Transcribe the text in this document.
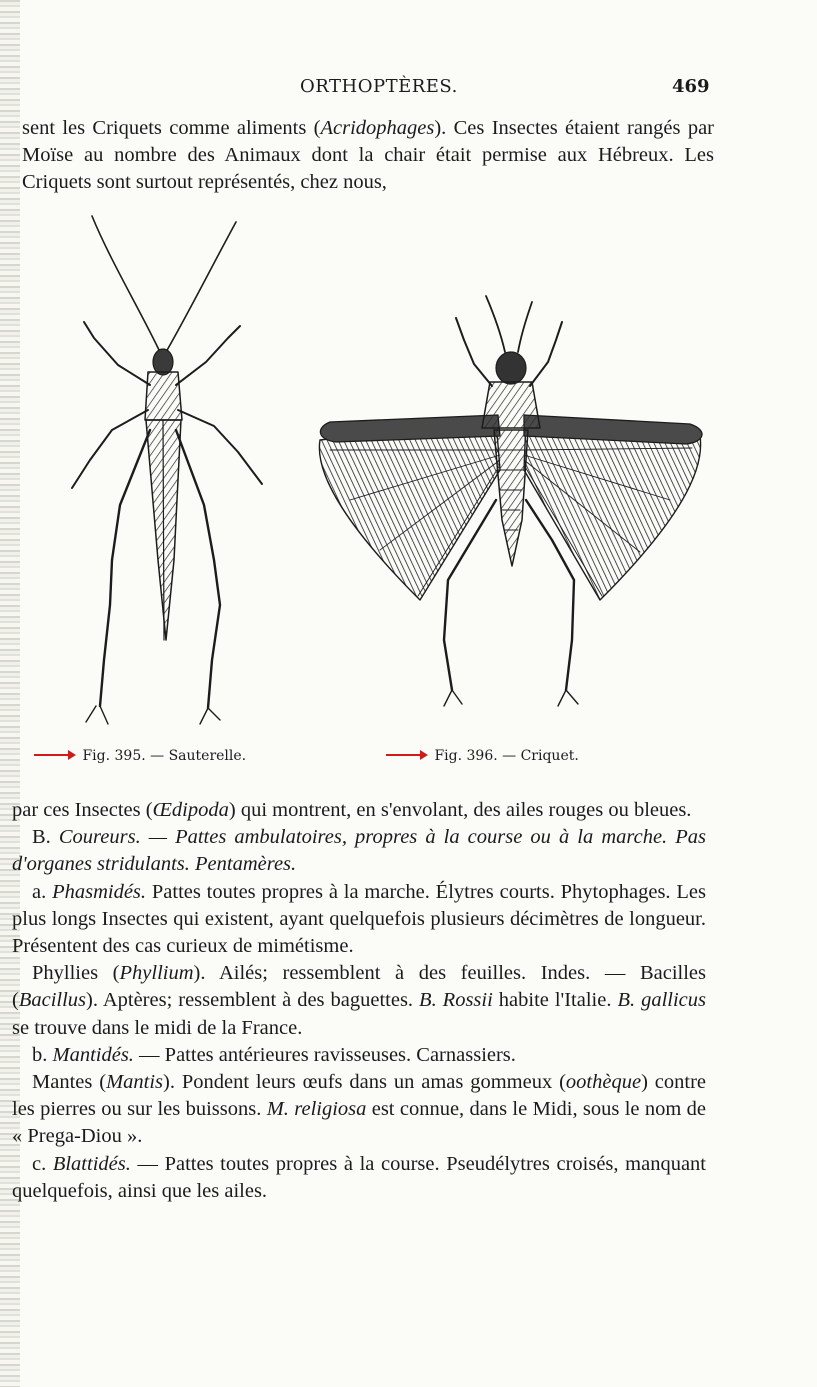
ORTHOPTÈRES.	469

sent les Criquets comme aliments (Acridophages). Ces Insectes étaient rangés par Moïse au nombre des Animaux dont la chair était permise aux Hébreux. Les Criquets sont surtout représentés, chez nous,

Fig. 395. — Sauterelle.	Fig. 396. — Criquet.

par ces Insectes (Œdipoda) qui montrent, en s'envolant, des ailes rouges ou bleues.
B. Coureurs. — Pattes ambulatoires, propres à la course ou à la marche. Pas d'organes stridulants. Pentamères.
a. Phasmidés. Pattes toutes propres à la marche. Élytres courts. Phytophages. Les plus longs Insectes qui existent, ayant quelquefois plusieurs décimètres de longueur. Présentent des cas curieux de mimétisme.
Phyllies (Phyllium). Ailés; ressemblent à des feuilles. Indes. — Bacilles (Bacillus). Aptères; ressemblent à des baguettes. B. Rossii habite l'Italie. B. gallicus se trouve dans le midi de la France.
b. Mantidés. — Pattes antérieures ravisseuses. Carnassiers.
Mantes (Mantis). Pondent leurs œufs dans un amas gommeux (oothèque) contre les pierres ou sur les buissons. M. religiosa est connue, dans le Midi, sous le nom de « Prega-Diou ».
c. Blattidés. — Pattes toutes propres à la course. Pseudélytres croisés, manquant quelquefois, ainsi que les ailes.
